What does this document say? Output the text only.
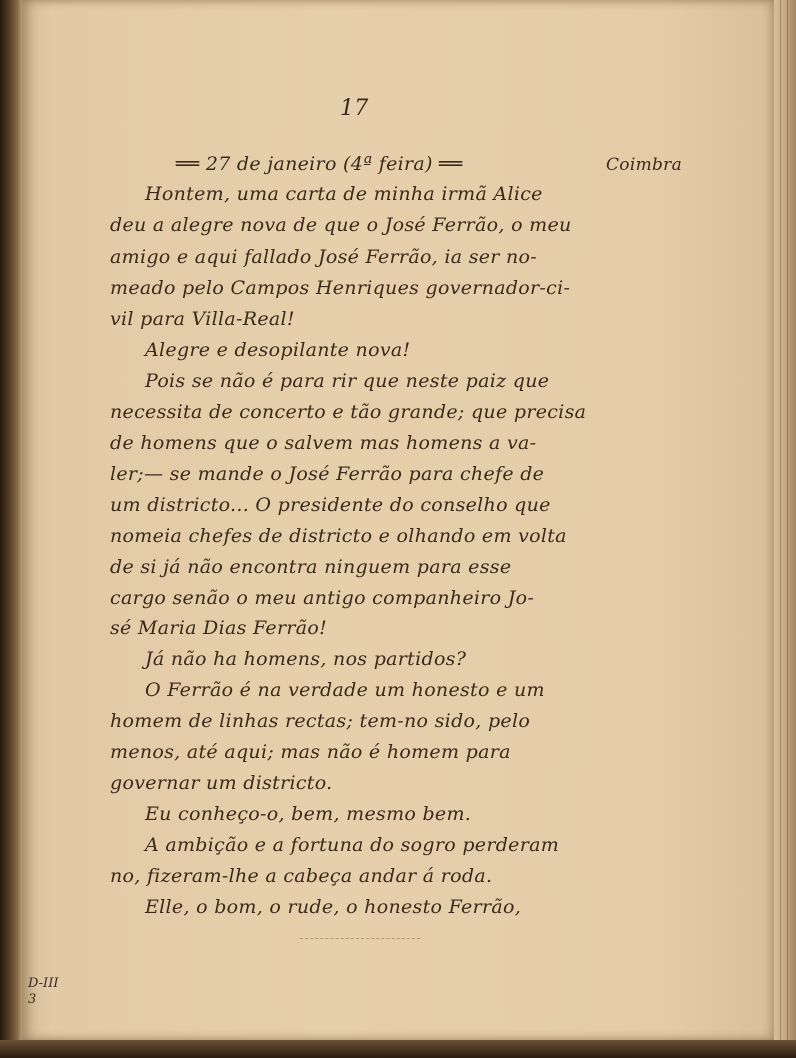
17
══ 27 de janeiro (4ª feira) ══	Coimbra
Hontem, uma carta de minha irmã Alice
deu a alegre nova de que o José Ferrão, o meu
amigo e aqui fallado José Ferrão, ia ser no-
meado pelo Campos Henriques governador-ci-
vil para Villa-Real!
Alegre e desopilante nova!
Pois se não é para rir que neste paiz que
necessita de concerto e tão grande; que precisa
de homens que o salvem mas homens a va-
ler;— se mande o José Ferrão para chefe de
um districto... O presidente do conselho que
nomeia chefes de districto e olhando em volta
de si já não encontra ninguem para esse
cargo senão o meu antigo companheiro Jo-
sé Maria Dias Ferrão!
Já não ha homens, nos partidos?
O Ferrão é na verdade um honesto e um
homem de linhas rectas; tem-no sido, pelo
menos, até aqui; mas não é homem para
governar um districto.
Eu conheço-o, bem, mesmo bem.
A ambição e a fortuna do sogro perderam
no, fizeram-lhe a cabeça andar á roda.
Elle, o bom, o rude, o honesto Ferrão,
D-III
3
